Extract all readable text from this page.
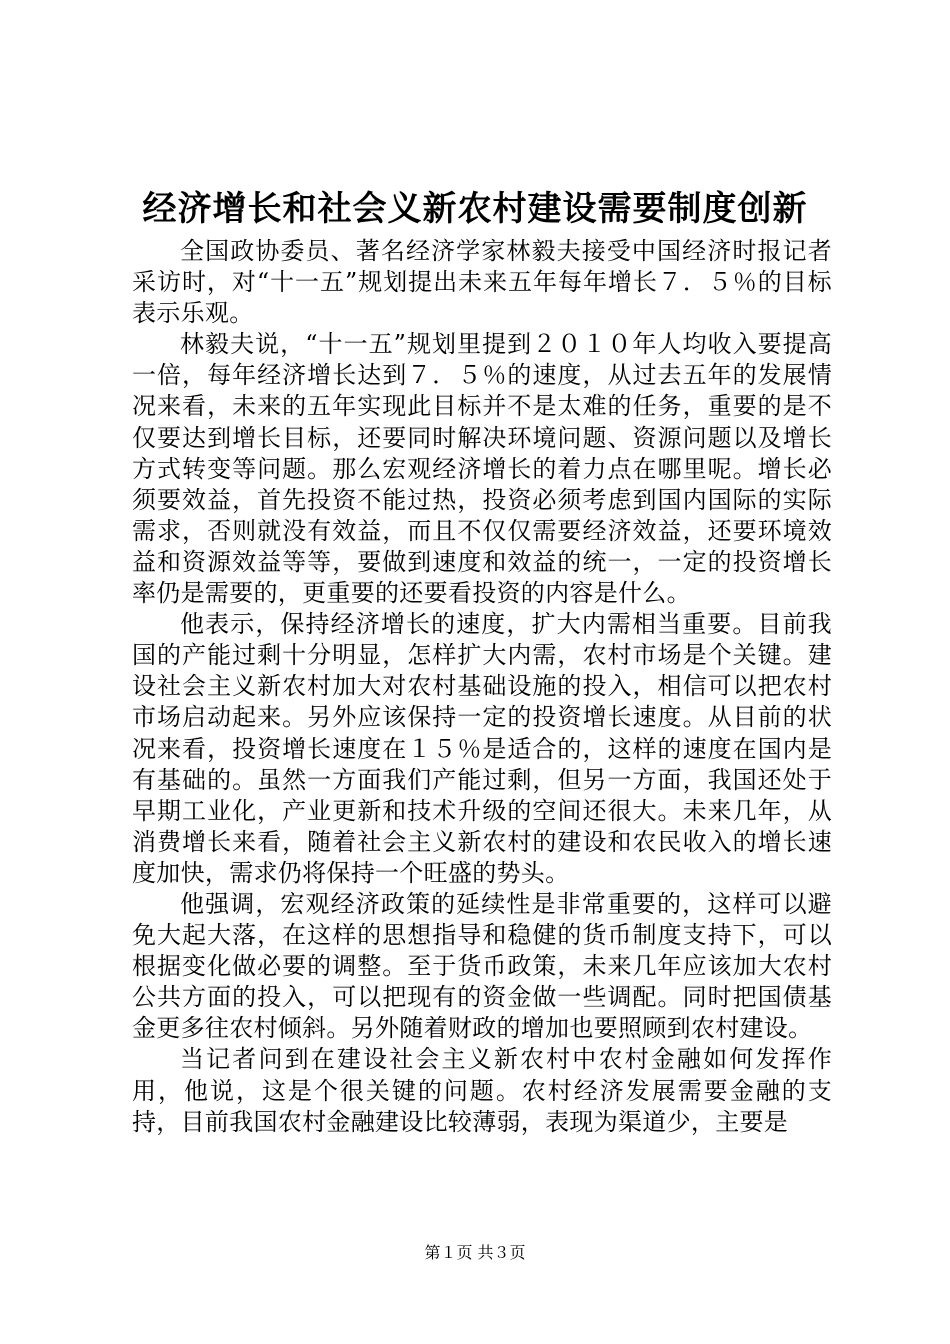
经济增长和社会义新农村建设需要制度创新

全国政协委员、著名经济学家林毅夫接受中国经济时报记者采访时，对“十一五”规划提出未来五年每年增长７．５％的目标表示乐观。

林毅夫说，“十一五”规划里提到２０１０年人均收入要提高一倍，每年经济增长达到７．５％的速度，从过去五年的发展情况来看，未来的五年实现此目标并不是太难的任务，重要的是不仅要达到增长目标，还要同时解决环境问题、资源问题以及增长方式转变等问题。那么宏观经济增长的着力点在哪里呢。增长必须要效益，首先投资不能过热，投资必须考虑到国内国际的实际需求，否则就没有效益，而且不仅仅需要经济效益，还要环境效益和资源效益等等，要做到速度和效益的统一，一定的投资增长率仍是需要的，更重要的还要看投资的内容是什么。

他表示，保持经济增长的速度，扩大内需相当重要。目前我国的产能过剩十分明显，怎样扩大内需，农村市场是个关键。建设社会主义新农村加大对农村基础设施的投入，相信可以把农村市场启动起来。另外应该保持一定的投资增长速度。从目前的状况来看，投资增长速度在１５％是适合的，这样的速度在国内是有基础的。虽然一方面我们产能过剩，但另一方面，我国还处于早期工业化，产业更新和技术升级的空间还很大。未来几年，从消费增长来看，随着社会主义新农村的建设和农民收入的增长速度加快，需求仍将保持一个旺盛的势头。

他强调，宏观经济政策的延续性是非常重要的，这样可以避免大起大落，在这样的思想指导和稳健的货币制度支持下，可以根据变化做必要的调整。至于货币政策，未来几年应该加大农村公共方面的投入，可以把现有的资金做一些调配。同时把国债基金更多往农村倾斜。另外随着财政的增加也要照顾到农村建设。

当记者问到在建设社会主义新农村中农村金融如何发挥作用，他说，这是个很关键的问题。农村经济发展需要金融的支持，目前我国农村金融建设比较薄弱，表现为渠道少，主要是

第１页 共３页
